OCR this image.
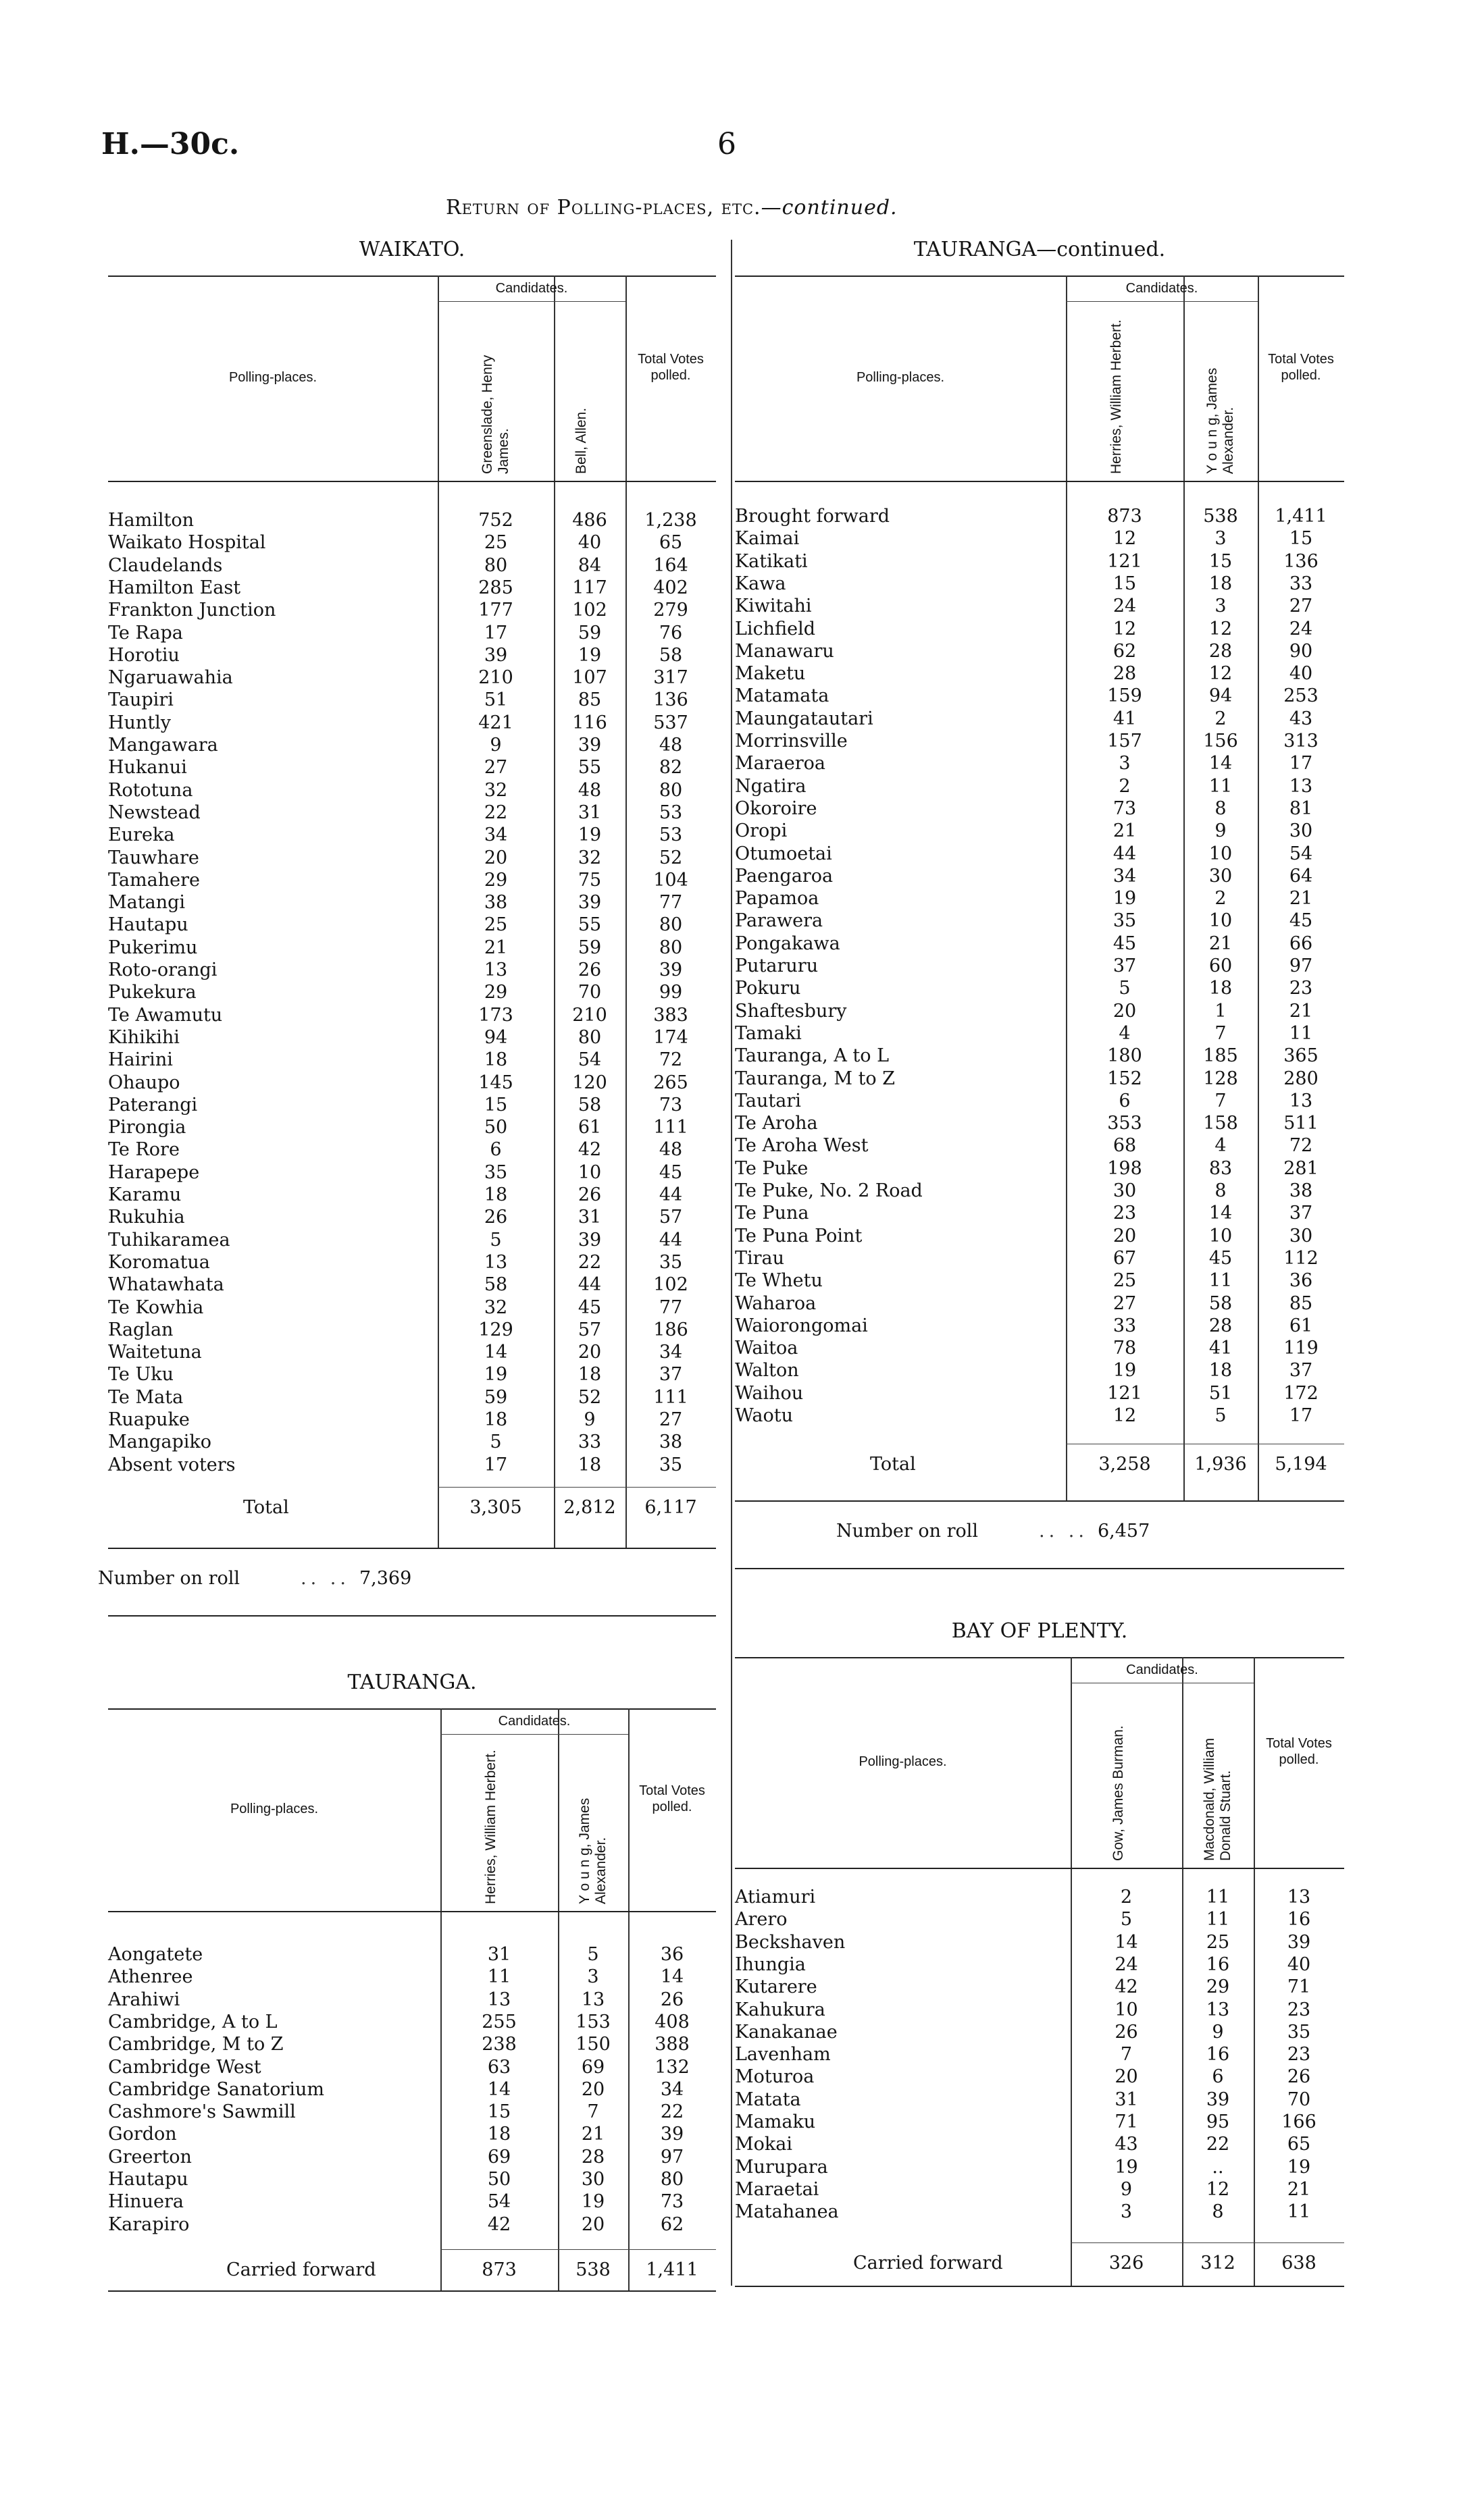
H.—30c.	6
Return of Polling-places, etc.—continued.
WAIKATO.
Candidates.
Polling-places.
Total Votes polled.
Greenslade, Henry James.	Bell, Allen.
Hamilton	752	486	1,238
Waikato Hospital	25	40	65
Claudelands	80	84	164
Hamilton East	285	117	402
Frankton Junction	177	102	279
Te Rapa	17	59	76
Horotiu	39	19	58
Ngaruawahia	210	107	317
Taupiri	51	85	136
Huntly	421	116	537
Mangawara	9	39	48
Hukanui	27	55	82
Rototuna	32	48	80
Newstead	22	31	53
Eureka	34	19	53
Tauwhare	20	32	52
Tamahere	29	75	104
Matangi	38	39	77
Hautapu	25	55	80
Pukerimu	21	59	80
Roto-orangi	13	26	39
Pukekura	29	70	99
Te Awamutu	173	210	383
Kihikihi	94	80	174
Hairini	18	54	72
Ohaupo	145	120	265
Paterangi	15	58	73
Pirongia	50	61	111
Te Rore	6	42	48
Harapepe	35	10	45
Karamu	18	26	44
Rukuhia	26	31	57
Tuhikaramea	5	39	44
Koromatua	13	22	35
Whatawhata	58	44	102
Te Kowhia	32	45	77
Raglan	129	57	186
Waitetuna	14	20	34
Te Uku	19	18	37
Te Mata	59	52	111
Ruapuke	18	9	27
Mangapiko	5	33	38
Absent voters	17	18	35
Total	3,305	2,812	6,117
Number on roll	.. .. 7,369
TAURANGA—continued.
Candidates.
Polling-places.
Total Votes polled.
Herries, William Herbert.	Y o u n g, James Alexander.
Brought forward	873	538	1,411
Kaimai	12	3	15
Katikati	121	15	136
Kawa	15	18	33
Kiwitahi	24	3	27
Lichfield	12	12	24
Manawaru	62	28	90
Maketu	28	12	40
Matamata	159	94	253
Maungatautari	41	2	43
Morrinsville	157	156	313
Maraeroa	3	14	17
Ngatira	2	11	13
Okoroire	73	8	81
Oropi	21	9	30
Otumoetai	44	10	54
Paengaroa	34	30	64
Papamoa	19	2	21
Parawera	35	10	45
Pongakawa	45	21	66
Putaruru	37	60	97
Pokuru	5	18	23
Shaftesbury	20	1	21
Tamaki	4	7	11
Tauranga, A to L	180	185	365
Tauranga, M to Z	152	128	280
Tautari	6	7	13
Te Aroha	353	158	511
Te Aroha West	68	4	72
Te Puke	198	83	281
Te Puke, No. 2 Road	30	8	38
Te Puna	23	14	37
Te Puna Point	20	10	30
Tirau	67	45	112
Te Whetu	25	11	36
Waharoa	27	58	85
Waiorongomai	33	28	61
Waitoa	78	41	119
Walton	19	18	37
Waihou	121	51	172
Waotu	12	5	17
Total	3,258	1,936	5,194
Number on roll	.. .. 6,457
TAURANGA.
Candidates.
Polling-places.
Total Votes polled.
Herries, William Herbert.	Y o u n g, James Alexander.
Aongatete	31	5	36
Athenree	11	3	14
Arahiwi	13	13	26
Cambridge, A to L	255	153	408
Cambridge, M to Z	238	150	388
Cambridge West	63	69	132
Cambridge Sanatorium	14	20	34
Cashmore's Sawmill	15	7	22
Gordon	18	21	39
Greerton	69	28	97
Hautapu	50	30	80
Hinuera	54	19	73
Karapiro	42	20	62
Carried forward	873	538	1,411
BAY OF PLENTY.
Candidates.
Polling-places.
Total Votes polled.
Gow, James Burman.	Macdonald, William Donald Stuart.
Atiamuri	2	11	13
Arero	5	11	16
Beckshaven	14	25	39
Ihungia	24	16	40
Kutarere	42	29	71
Kahukura	10	13	23
Kanakanae	26	9	35
Lavenham	7	16	23
Moturoa	20	6	26
Matata	31	39	70
Mamaku	71	95	166
Mokai	43	22	65
Murupara	19	..	19
Maraetai	9	12	21
Matahanea	3	8	11
Carried forward	326	312	638
